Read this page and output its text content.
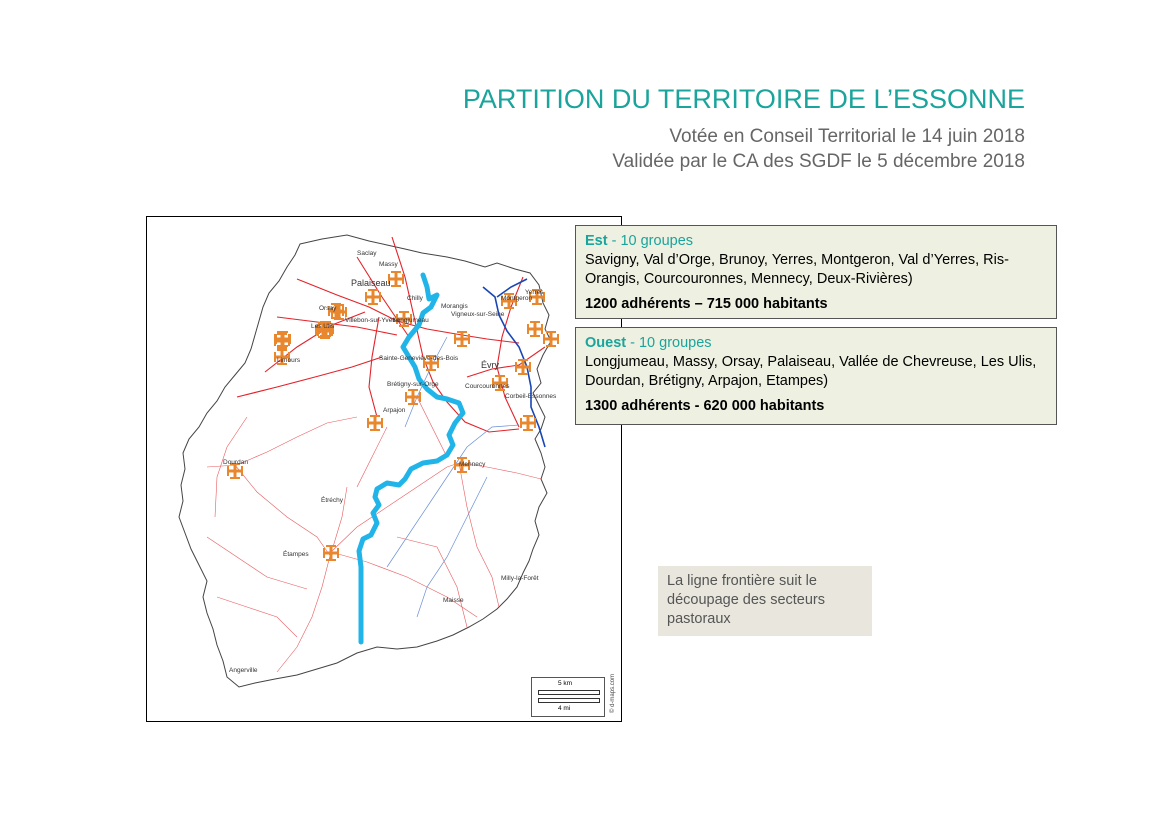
PARTITION DU TERRITOIRE DE L’ESSONNE
Votée en Conseil Territorial le 14 juin 2018
Validée par le CA des SGDF le 5 décembre 2018
Saclay
Massy
Palaiseau
Orsay
Villebon-sur-Yvette
Chilly
Morangis
Les Ulis
Longjumeau
Limours
Yerres
Montgeron
Vigneux-sur-Seine
Sainte-Geneviève-des-Bois
Évry
Courcouronnes
Brétigny-sur-Orge
Arpajon
Corbeil-Essonnes
Mennecy
Dourdan
Étréchy
Étampes
Milly-la-Forêt
Maisse
Angerville
5 km
4 mi	© d-maps.com
Est - 10 groupes
Savigny, Val d’Orge, Brunoy, Yerres, Montgeron, Val d’Yerres, Ris-Orangis, Courcouronnes, Mennecy, Deux-Rivières)
1200 adhérents – 715 000 habitants
Ouest - 10 groupes
Longjumeau, Massy, Orsay, Palaiseau, Vallée de Chevreuse, Les Ulis, Dourdan, Brétigny, Arpajon, Etampes)
1300 adhérents - 620 000 habitants
La ligne frontière suit le découpage des secteurs pastoraux
